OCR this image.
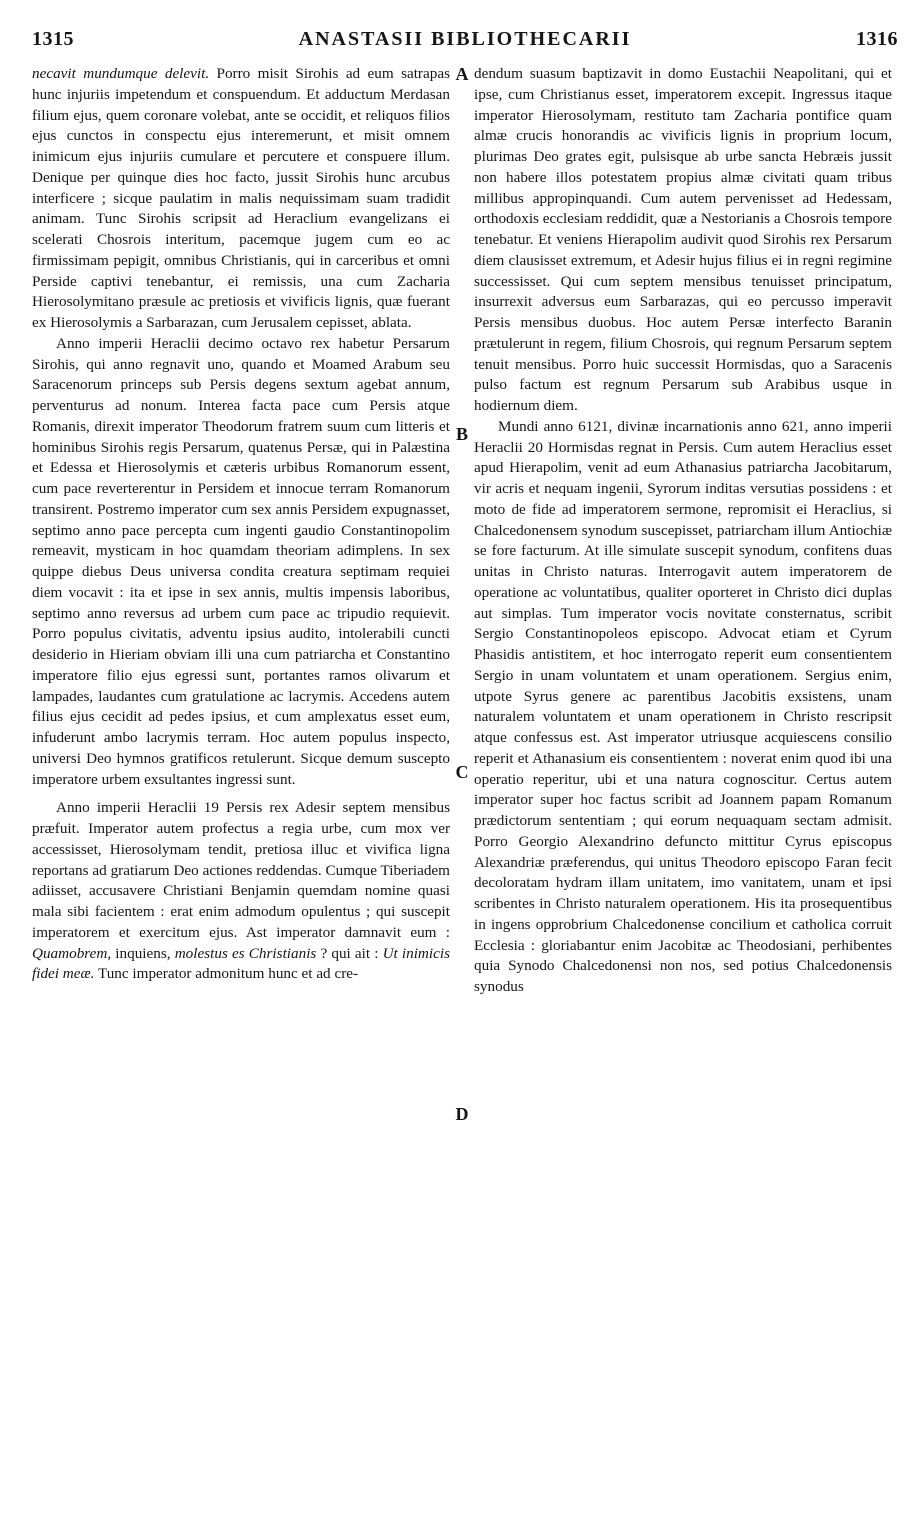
1315	ANASTASII BIBLIOTHECARII	1316
A
B
C
D

necavit mundumque delevit. Porro misit Sirohis ad eum satrapas hunc injuriis impetendum et conspuendum. Et adductum Merdasan filium ejus, quem coronare volebat, ante se occidit, et reliquos filios ejus cunctos in conspectu ejus interemerunt, et misit omnem inimicum ejus injuriis cumulare et percutere et conspuere illum. Denique per quinque dies hoc facto, jussit Sirohis hunc arcubus interficere ; sicque paulatim in malis nequissimam suam tradidit animam. Tunc Sirohis scripsit ad Heraclium evangelizans ei scelerati Chosrois interitum, pacemque jugem cum eo ac firmissimam pepigit, omnibus Christianis, qui in carceribus et omni Perside captivi tenebantur, ei remissis, una cum Zacharia Hierosolymitano præsule ac pretiosis et vivificis lignis, quæ fuerant ex Hierosolymis a Sarbarazan, cum Jerusalem cepisset, ablata.

Anno imperii Heraclii decimo octavo rex habetur Persarum Sirohis, qui anno regnavit uno, quando et Moamed Arabum seu Saracenorum princeps sub Persis degens sextum agebat annum, perventurus ad nonum. Interea facta pace cum Persis atque Romanis, direxit imperator Theodorum fratrem suum cum litteris et hominibus Sirohis regis Persarum, quatenus Persæ, qui in Palæstina et Edessa et Hierosolymis et cæteris urbibus Romanorum essent, cum pace reverterentur in Persidem et innocue terram Romanorum transirent. Postremo imperator cum sex annis Persidem expugnasset, septimo anno pace percepta cum ingenti gaudio Constantinopolim remeavit, mysticam in hoc quamdam theoriam adimplens. In sex quippe diebus Deus universa condita creatura septimam requiei diem vocavit : ita et ipse in sex annis, multis impensis laboribus, septimo anno reversus ad urbem cum pace ac tripudio requievit. Porro populus civitatis, adventu ipsius audito, intolerabili cuncti desiderio in Hieriam obviam illi una cum patriarcha et Constantino imperatore filio ejus egressi sunt, portantes ramos olivarum et lampades, laudantes cum gratulatione ac lacrymis. Accedens autem filius ejus cecidit ad pedes ipsius, et cum amplexatus esset eum, infuderunt ambo lacrymis terram. Hoc autem populus inspecto, universi Deo hymnos gratificos retulerunt. Sicque demum suscepto imperatore urbem exsultantes ingressi sunt.

Anno imperii Heraclii 19 Persis rex Adesir septem mensibus præfuit. Imperator autem profectus a regia urbe, cum mox ver accessisset, Hierosolymam tendit, pretiosa illuc et vivifica ligna reportans ad gratiarum Deo actiones reddendas. Cumque Tiberiadem adiisset, accusavere Christiani Benjamin quemdam nomine quasi mala sibi facientem : erat enim admodum opulentus ; qui suscepit imperatorem et exercitum ejus. Ast imperator damnavit eum : Quamobrem, inquiens, molestus es Christianis ? qui ait : Ut inimicis fidei meæ. Tunc imperator admonitum hunc et ad cre-

dendum suasum baptizavit in domo Eustachii Neapolitani, qui et ipse, cum Christianus esset, imperatorem excepit. Ingressus itaque imperator Hierosolymam, restituto tam Zacharia pontifice quam almæ crucis honorandis ac vivificis lignis in proprium locum, plurimas Deo grates egit, pulsisque ab urbe sancta Hebræis jussit non habere illos potestatem propius almæ civitati quam tribus millibus appropinquandi. Cum autem pervenisset ad Hedessam, orthodoxis ecclesiam reddidit, quæ a Nestorianis a Chosrois tempore tenebatur. Et veniens Hierapolim audivit quod Sirohis rex Persarum diem clausisset extremum, et Adesir hujus filius ei in regni regimine successisset. Qui cum septem mensibus tenuisset principatum, insurrexit adversus eum Sarbarazas, qui eo percusso imperavit Persis mensibus duobus. Hoc autem Persæ interfecto Baranin prætulerunt in regem, filium Chosrois, qui regnum Persarum septem tenuit mensibus. Porro huic successit Hormisdas, quo a Saracenis pulso factum est regnum Persarum sub Arabibus usque in hodiernum diem.

Mundi anno 6121, divinæ incarnationis anno 621, anno imperii Heraclii 20 Hormisdas regnat in Persis. Cum autem Heraclius esset apud Hierapolim, venit ad eum Athanasius patriarcha Jacobitarum, vir acris et nequam ingenii, Syrorum inditas versutias possidens : et moto de fide ad imperatorem sermone, repromisit ei Heraclius, si Chalcedonensem synodum suscepisset, patriarcham illum Antiochiæ se fore facturum. At ille simulate suscepit synodum, confitens duas unitas in Christo naturas. Interrogavit autem imperatorem de operatione ac voluntatibus, qualiter oporteret in Christo dici duplas aut simplas. Tum imperator vocis novitate consternatus, scribit Sergio Constantinopoleos episcopo. Advocat etiam et Cyrum Phasidis antistitem, et hoc interrogato reperit eum consentientem Sergio in unam voluntatem et unam operationem. Sergius enim, utpote Syrus genere ac parentibus Jacobitis exsistens, unam naturalem voluntatem et unam operationem in Christo rescripsit atque confessus est. Ast imperator utriusque acquiescens consilio reperit et Athanasium eis consentientem : noverat enim quod ibi una operatio reperitur, ubi et una natura cognoscitur. Certus autem imperator super hoc factus scribit ad Joannem papam Romanum prædictorum sententiam ; qui eorum nequaquam sectam admisit. Porro Georgio Alexandrino defuncto mittitur Cyrus episcopus Alexandriæ præferendus, qui unitus Theodoro episcopo Faran fecit decoloratam hydram illam unitatem, imo vanitatem, unam et ipsi scribentes in Christo naturalem operationem. His ita prosequentibus in ingens opprobrium Chalcedonense concilium et catholica corruit Ecclesia : gloriabantur enim Jacobitæ ac Theodosiani, perhibentes quia Synodo Chalcedonensi non nos, sed potius Chalcedonensis synodus
